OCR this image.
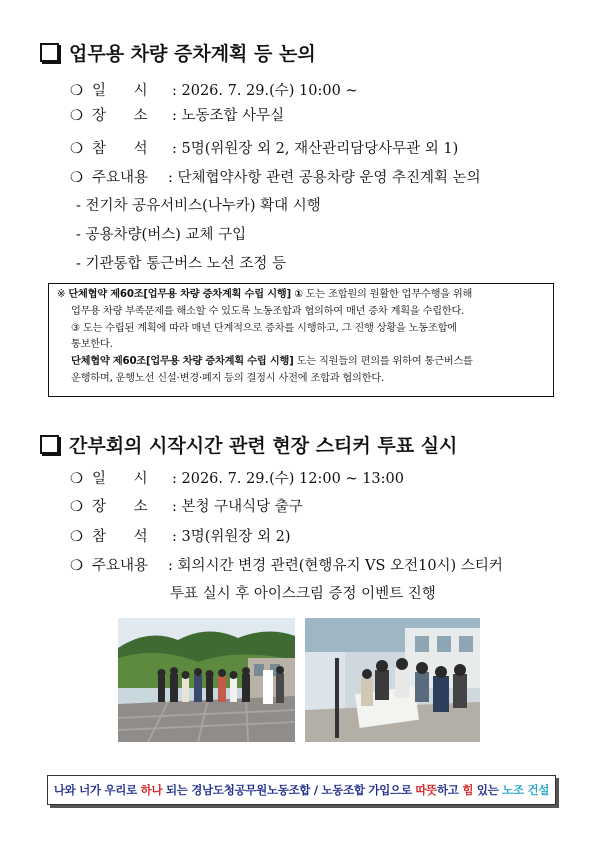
업무용 차량 증차계획 등 논의
❍ 일      시 : 2026. 7. 29.(수) 10:00 ~
❍ 장      소 : 노동조합 사무실
❍ 참      석 : 5명(위원장 외 2, 재산관리담당사무관 외 1)
❍ 주요내용 : 단체협약사항 관련 공용차량 운영 추진계획 논의
- 전기차 공유서비스(나누카) 확대 시행
- 공용차량(버스) 교체 구입
- 기관통합 통근버스 노선 조정 등

※ 단체협약 제60조[업무용 차량 증차계획 수립 시행] ① 도는 조합원의 원활한 업무수행을 위해

업무용 차량 부족문제를 해소할 수 있도록 노동조합과 협의하여 매년 증차 계획을 수립한다.

③ 도는 수립된 계획에 따라 매년 단계적으로 증차를 시행하고, 그 진행 상황을 노동조합에

통보한다.

단체협약 제60조[업무용 차량 증차계획 수립 시행] 도는 직원들의 편의를 위하여 통근버스를

운행하며, 운행노선 신설·변경·폐지 등의 결정시 사전에 조합과 협의한다.

간부회의 시작시간 관련 현장 스티커 투표 실시
❍ 일      시 : 2026. 7. 29.(수) 12:00 ~ 13:00
❍ 장      소 : 본청 구내식당 출구
❍ 참      석 : 3명(위원장 외 2)
❍ 주요내용 : 회의시간 변경 관련(현행유지 VS 오전10시) 스티커
투표 실시 후 아이스크림 증정 이벤트 진행
나와 너가 우리로 하나 되는 경남도청공무원노동조합 / 노동조합 가입으로 따뜻 하고 힘 있는 노조 건설
